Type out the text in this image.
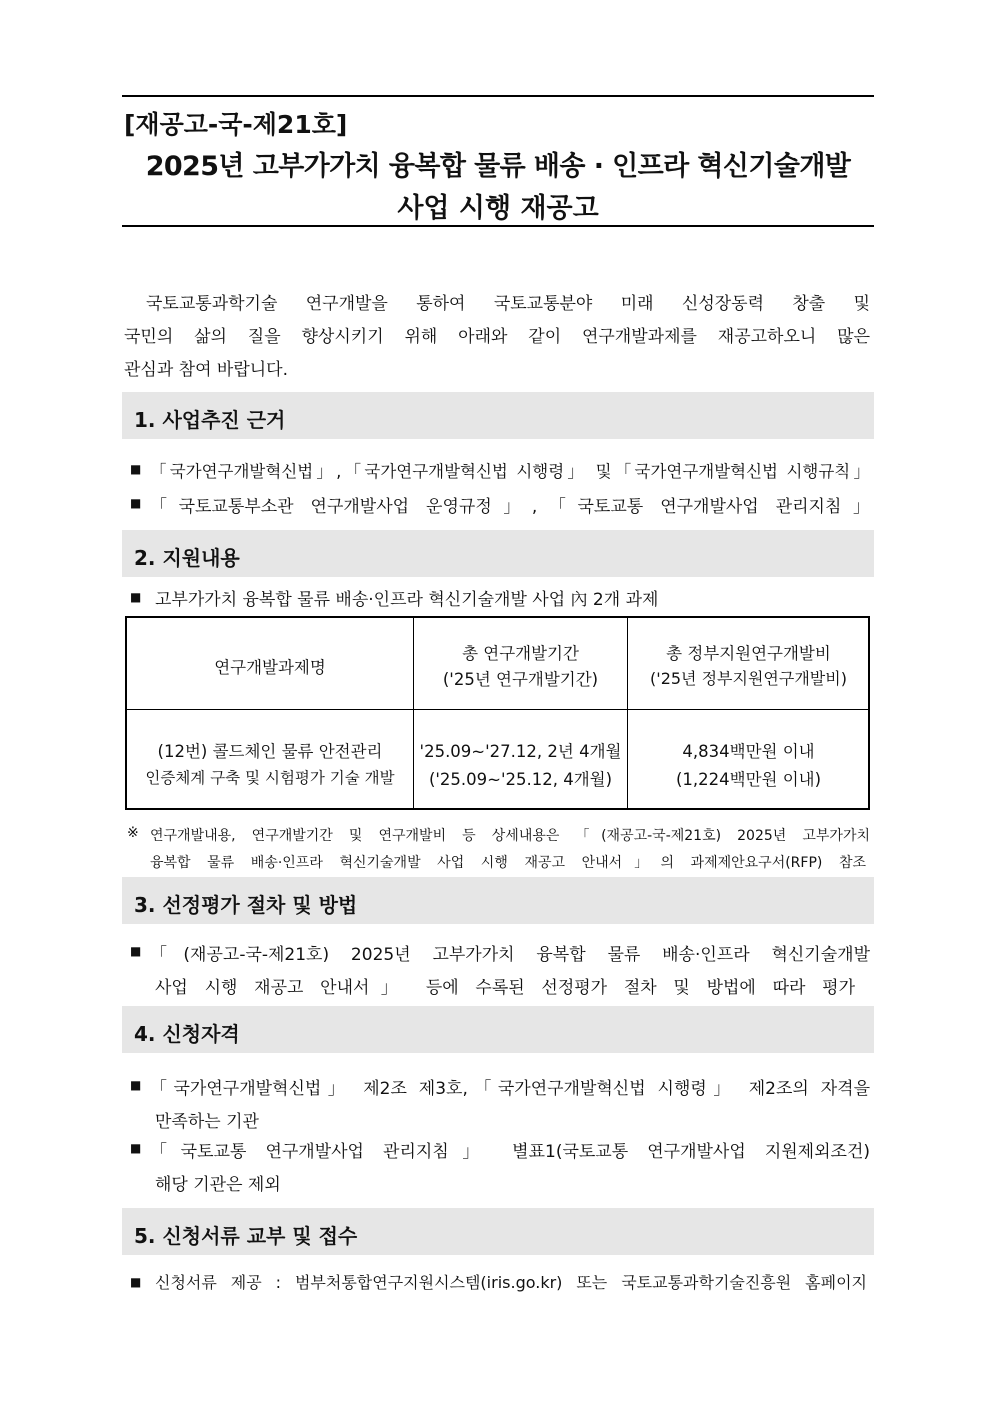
[재공고-국-제21호]
2025년 고부가가치 융복합 물류 배송 · 인프라 혁신기술개발
사업 시행 재공고
국토교통과학기술 연구개발을 통하여 국토교통분야 미래 신성장동력 창출 및
국민의 삶의 질을 향상시키기 위해 아래와 같이 연구개발과제를 재공고하오니 많은
관심과 참여 바랍니다.
1. 사업추진 근거
■ 「국가연구개발혁신법」,「국가연구개발혁신법 시행령」 및「국가연구개발혁신법 시행규칙」
■ 「국토교통부소관 연구개발사업 운영규정」,「국토교통 연구개발사업 관리지침」
2. 지원내용
■ 고부가가치 융복합 물류 배송·인프라 혁신기술개발 사업 內 2개 과제
연구개발과제명
총 연구개발기간
('25년 연구개발기간)
총 정부지원연구개발비
('25년 정부지원연구개발비)
(12번) 콜드체인 물류 안전관리
인증체계 구축 및 시험평가 기술 개발
'25.09∼'27.12, 2년 4개월
('25.09∼'25.12, 4개월)
4,834백만원 이내
(1,224백만원 이내)
※ 연구개발내용, 연구개발기간 및 연구개발비 등 상세내용은 「(재공고-국-제21호) 2025년 고부가가치
융복합 물류 배송·인프라 혁신기술개발 사업 시행 재공고 안내서」의 과제제안요구서(RFP) 참조
3. 선정평가 절차 및 방법
■ 「(재공고-국-제21호) 2025년 고부가가치 융복합 물류 배송·인프라 혁신기술개발
사업 시행 재공고 안내서」 등에 수록된 선정평가 절차 및 방법에 따라 평가
4. 신청자격
■ 「국가연구개발혁신법」 제2조 제3호,「국가연구개발혁신법 시행령」 제2조의 자격을
만족하는 기관
■ 「국토교통 연구개발사업 관리지침」 별표1(국토교통 연구개발사업 지원제외조건)
해당 기관은 제외
5. 신청서류 교부 및 접수
■ 신청서류 제공 : 범부처통합연구지원시스템(iris.go.kr) 또는 국토교통과학기술진흥원 홈페이지
